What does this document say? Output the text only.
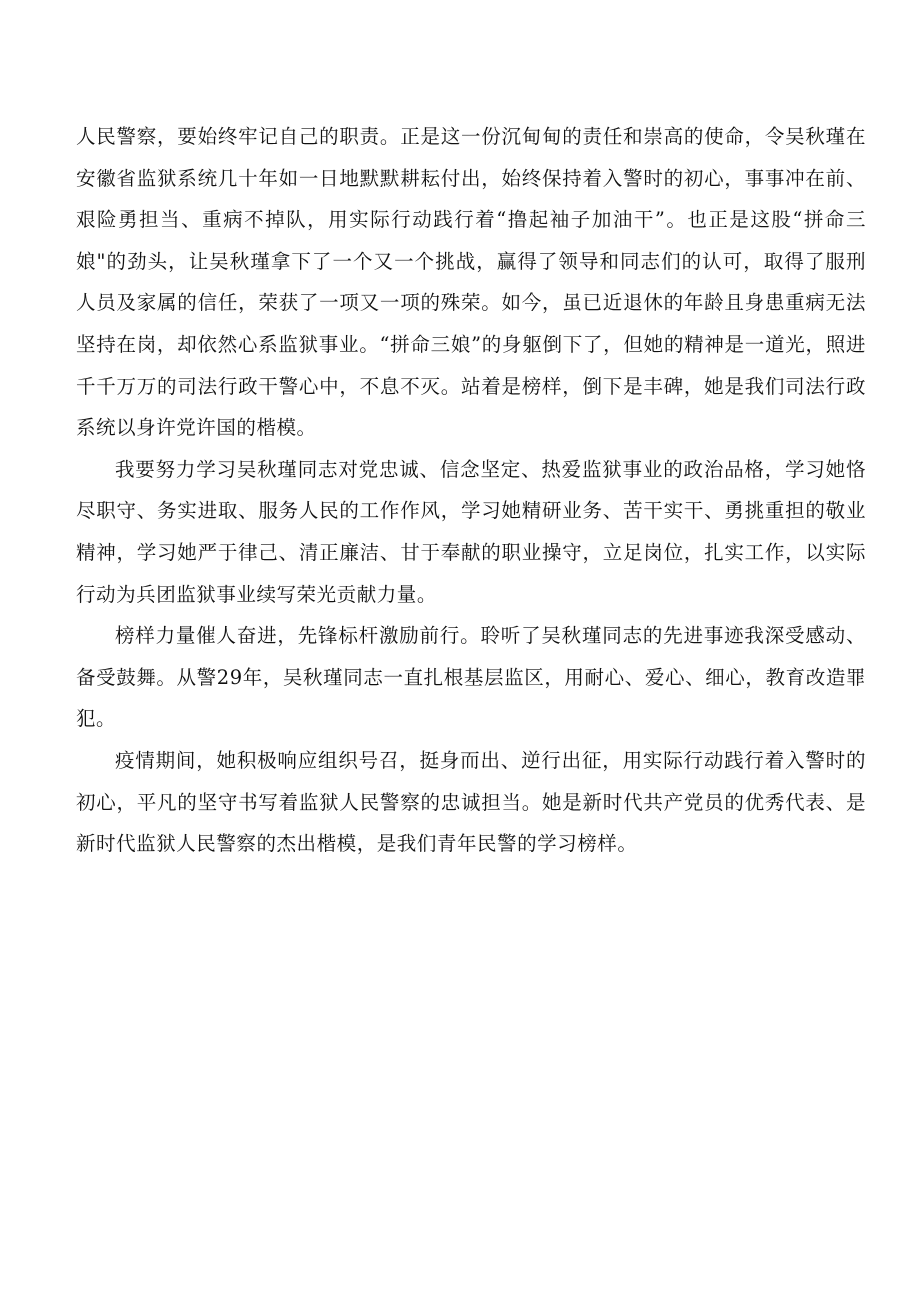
人民警察，要始终牢记自己的职责。正是这一份沉甸甸的责任和崇高的使命，令吴秋瑾在安徽省监狱系统几十年如一日地默默耕耘付出，始终保持着入警时的初心，事事冲在前、艰险勇担当、重病不掉队，用实际行动践行着“撸起袖子加油干”。也正是这股“拼命三娘"的劲头，让吴秋瑾拿下了一个又一个挑战，赢得了领导和同志们的认可，取得了服刑人员及家属的信任，荣获了一项又一项的殊荣。如今，虽已近退休的年龄且身患重病无法坚持在岗，却依然心系监狱事业。“拼命三娘”的身躯倒下了，但她的精神是一道光，照进千千万万的司法行政干警心中，不息不灭。站着是榜样，倒下是丰碑，她是我们司法行政系统以身许党许国的楷模。

我要努力学习吴秋瑾同志对党忠诚、信念坚定、热爱监狱事业的政治品格，学习她恪尽职守、务实进取、服务人民的工作作风，学习她精研业务、苦干实干、勇挑重担的敬业精神，学习她严于律己、清正廉洁、甘于奉献的职业操守，立足岗位，扎实工作，以实际行动为兵团监狱事业续写荣光贡献力量。

榜样力量催人奋进，先锋标杆激励前行。聆听了吴秋瑾同志的先进事迹我深受感动、备受鼓舞。从警29年，吴秋瑾同志一直扎根基层监区，用耐心、爱心、细心，教育改造罪犯。

疫情期间，她积极响应组织号召，挺身而出、逆行出征，用实际行动践行着入警时的初心，平凡的坚守书写着监狱人民警察的忠诚担当。她是新时代共产党员的优秀代表、是新时代监狱人民警察的杰出楷模，是我们青年民警的学习榜样。
